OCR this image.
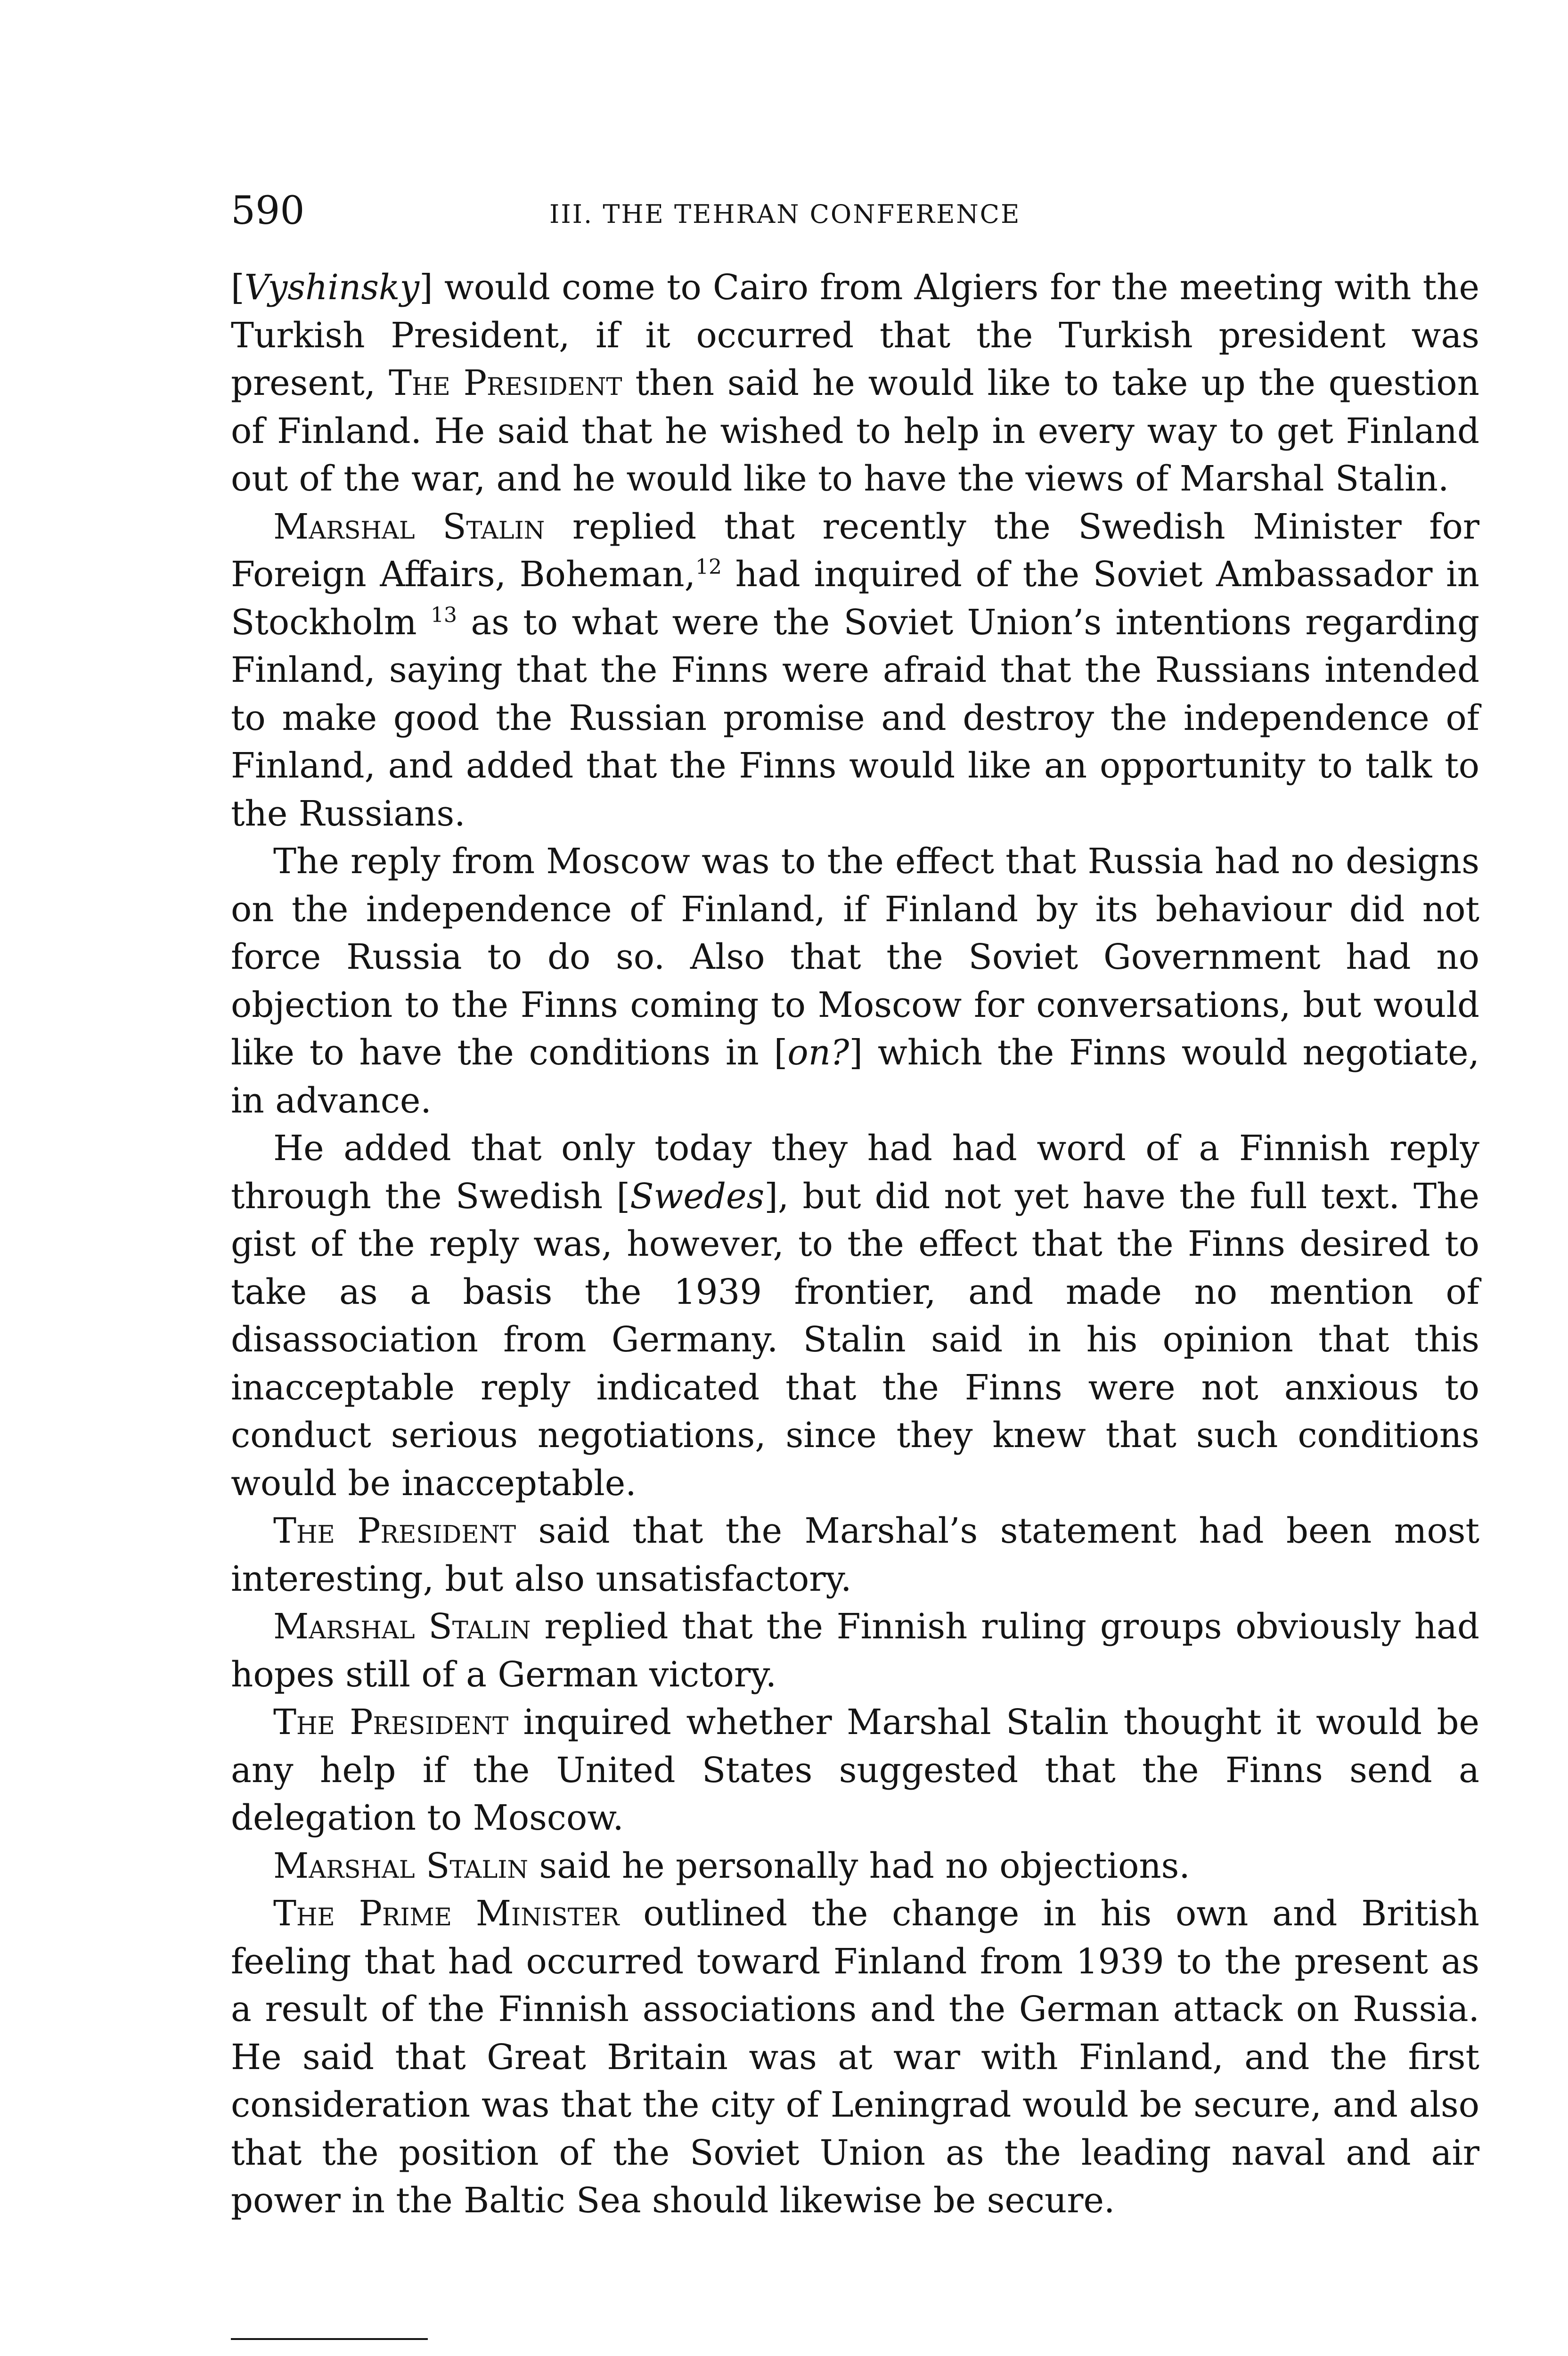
590	III. THE TEHRAN CONFERENCE

[Vyshinsky] would come to Cairo from Algiers for the meeting with the Turkish President, if it occurred that the Turkish president was present, The President then said he would like to take up the question of Finland. He said that he wished to help in every way to get Finland out of the war, and he would like to have the views of Marshal Stalin.

Marshal Stalin replied that recently the Swedish Minister for Foreign Affairs, Boheman,$^{12}$ had inquired of the Soviet Ambassador in Stockholm $^{13}$ as to what were the Soviet Union’s intentions regarding Finland, saying that the Finns were afraid that the Russians intended to make good the Russian promise and destroy the independence of Finland, and added that the Finns would like an opportunity to talk to the Russians.

The reply from Moscow was to the effect that Russia had no designs on the independence of Finland, if Finland by its behaviour did not force Russia to do so. Also that the Soviet Government had no objection to the Finns coming to Moscow for conversations, but would like to have the conditions in [on?] which the Finns would negotiate, in advance.

He added that only today they had had word of a Finnish reply through the Swedish [Swedes], but did not yet have the full text. The gist of the reply was, however, to the effect that the Finns desired to take as a basis the 1939 frontier, and made no mention of disassociation from Germany. Stalin said in his opinion that this inacceptable reply indicated that the Finns were not anxious to conduct serious negotiations, since they knew that such conditions would be inacceptable.

The President said that the Marshal’s statement had been most interesting, but also unsatisfactory.

Marshal Stalin replied that the Finnish ruling groups obviously had hopes still of a German victory.

The President inquired whether Marshal Stalin thought it would be any help if the United States suggested that the Finns send a delegation to Moscow.

Marshal Stalin said he personally had no objections.

The Prime Minister outlined the change in his own and British feeling that had occurred toward Finland from 1939 to the present as a result of the Finnish associations and the German attack on Russia. He said that Great Britain was at war with Finland, and the first consideration was that the city of Leningrad would be secure, and also that the position of the Soviet Union as the leading naval and air power in the Baltic Sea should likewise be secure.
